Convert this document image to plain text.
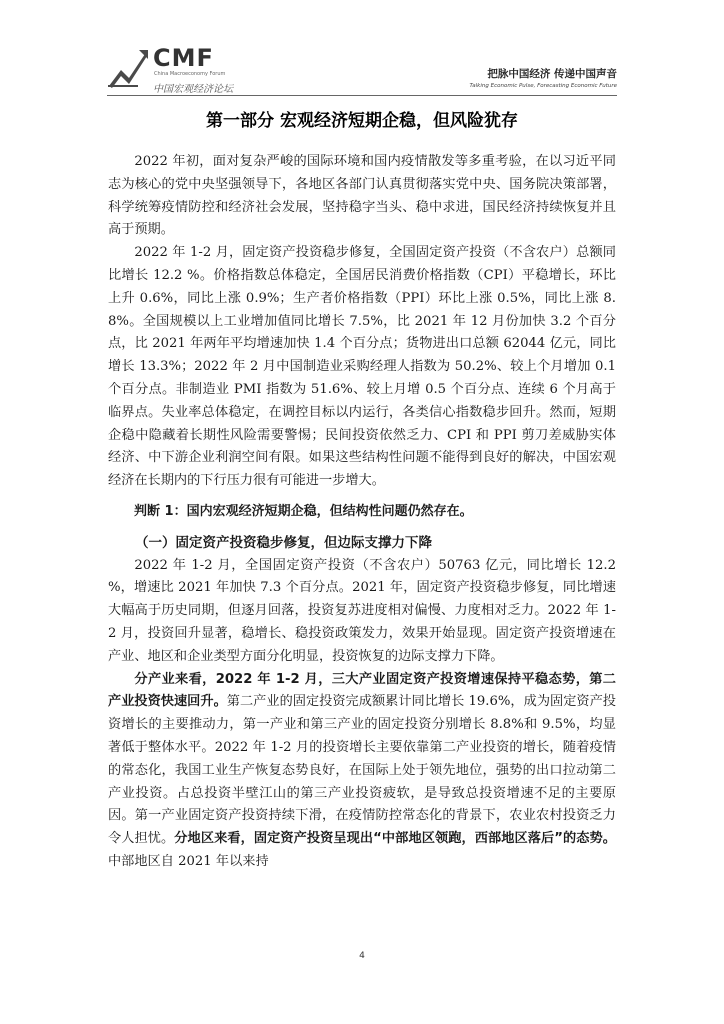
CMF
China Macroeconomy Forum
中国宏观经济论坛
把脉中国经济 传递中国声音
Talking Economic Pulse, Forecasting Economic Future
第一部分 宏观经济短期企稳，但风险犹存

2022 年初，面对复杂严峻的国际环境和国内疫情散发等多重考验，在以习近平同志为核心的党中央坚强领导下，各地区各部门认真贯彻落实党中央、国务院决策部署，科学统筹疫情防控和经济社会发展，坚持稳字当头、稳中求进，国民经济持续恢复并且高于预期。

2022 年 1-2 月，固定资产投资稳步修复，全国固定资产投资（不含农户）总额同比增长 12.2 %。价格指数总体稳定，全国居民消费价格指数（CPI）平稳增长，环比上升 0.6%，同比上涨 0.9%；生产者价格指数（PPI）环比上涨 0.5%，同比上涨 8.8%。全国规模以上工业增加值同比增长 7.5%，比 2021 年 12 月份加快 3.2 个百分点，比 2021 年两年平均增速加快 1.4 个百分点；货物进出口总额 62044 亿元，同比增长 13.3%；2022 年 2 月中国制造业采购经理人指数为 50.2%、较上个月增加 0.1 个百分点。非制造业 PMI 指数为 51.6%、较上月增 0.5 个百分点、连续 6 个月高于临界点。失业率总体稳定，在调控目标以内运行，各类信心指数稳步回升。然而，短期企稳中隐藏着长期性风险需要警惕；民间投资依然乏力、CPI 和 PPI 剪刀差威胁实体经济、中下游企业利润空间有限。如果这些结构性问题不能得到良好的解决，中国宏观经济在长期内的下行压力很有可能进一步增大。

判断 1：国内宏观经济短期企稳，但结构性问题仍然存在。

（一）固定资产投资稳步修复，但边际支撑力下降

2022 年 1-2 月，全国固定资产投资（不含农户）50763 亿元，同比增长 12.2 %，增速比 2021 年加快 7.3 个百分点。2021 年，固定资产投资稳步修复，同比增速大幅高于历史同期，但逐月回落，投资复苏进度相对偏慢、力度相对乏力。2022 年 1-2 月，投资回升显著，稳增长、稳投资政策发力，效果开始显现。固定资产投资增速在产业、地区和企业类型方面分化明显，投资恢复的边际支撑力下降。

分产业来看，2022 年 1-2 月，三大产业固定资产投资增速保持平稳态势，第二产业投资快速回升。第二产业的固定投资完成额累计同比增长 19.6%，成为固定资产投资增长的主要推动力，第一产业和第三产业的固定投资分别增长 8.8%和 9.5%，均显著低于整体水平。2022 年 1-2 月的投资增长主要依靠第二产业投资的增长，随着疫情的常态化，我国工业生产恢复态势良好，在国际上处于领先地位，强势的出口拉动第二产业投资。占总投资半壁江山的第三产业投资疲软，是导致总投资增速不足的主要原因。第一产业固定资产投资持续下滑，在疫情防控常态化的背景下，农业农村投资乏力令人担忧。分地区来看，固定资产投资呈现出“中部地区领跑，西部地区落后”的态势。中部地区自 2021 年以来持

4
